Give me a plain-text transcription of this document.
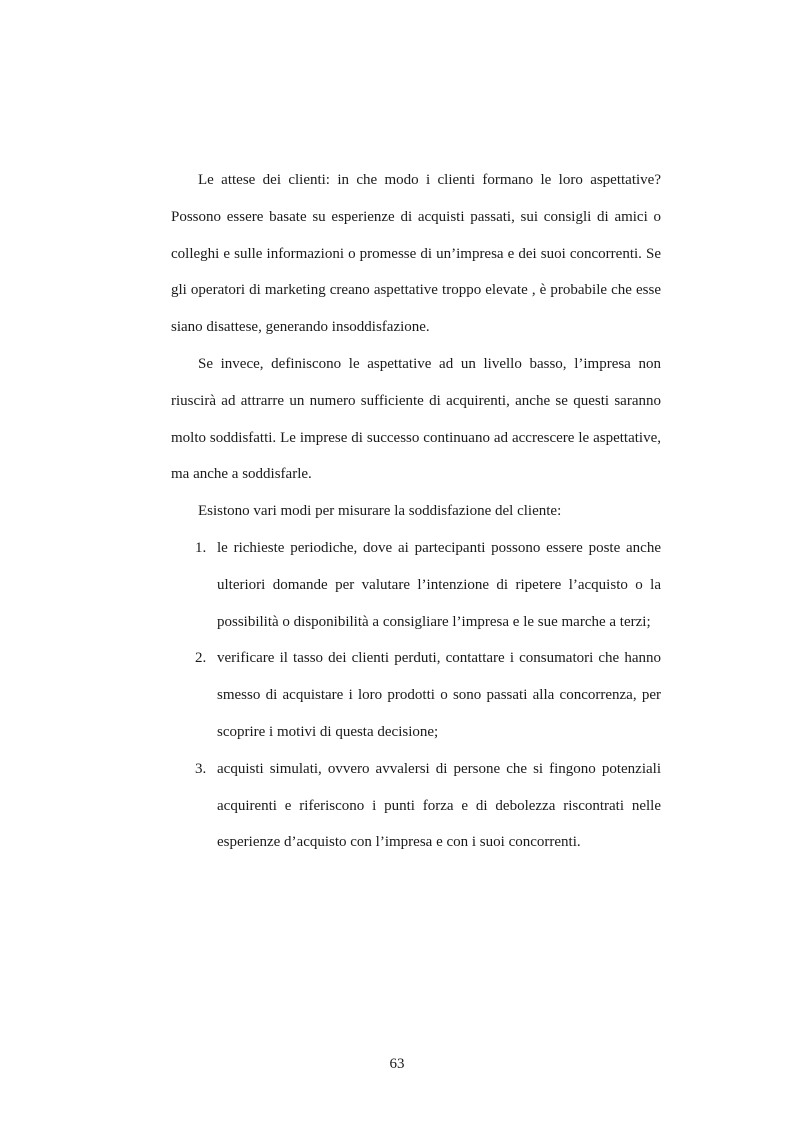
Le attese dei clienti: in che modo i clienti formano le loro aspettative? Possono essere basate su esperienze di acquisti passati, sui consigli di amici o colleghi e sulle informazioni o promesse di un’impresa e dei suoi concorrenti. Se gli operatori di marketing creano aspettative troppo elevate , è probabile che esse siano disattese, generando insoddisfazione.

Se invece, definiscono le aspettative ad un livello basso, l’impresa non riuscirà ad attrarre un numero sufficiente di acquirenti, anche se questi saranno molto soddisfatti. Le imprese di successo continuano ad accrescere le aspettative, ma anche a soddisfarle.

Esistono vari modi per misurare la soddisfazione del cliente:

1. le richieste periodiche, dove ai partecipanti possono essere poste anche ulteriori domande per valutare l’intenzione di ripetere l’acquisto o la possibilità o disponibilità a consigliare l’impresa e le sue marche a terzi;
2. verificare il tasso dei clienti perduti, contattare i consumatori che hanno smesso di acquistare i loro prodotti o sono passati alla concorrenza, per scoprire i motivi di questa decisione;
3. acquisti simulati, ovvero avvalersi di persone che si fingono potenziali acquirenti e riferiscono i punti forza e di debolezza riscontrati nelle esperienze d’acquisto con l’impresa e con i suoi concorrenti.
63
